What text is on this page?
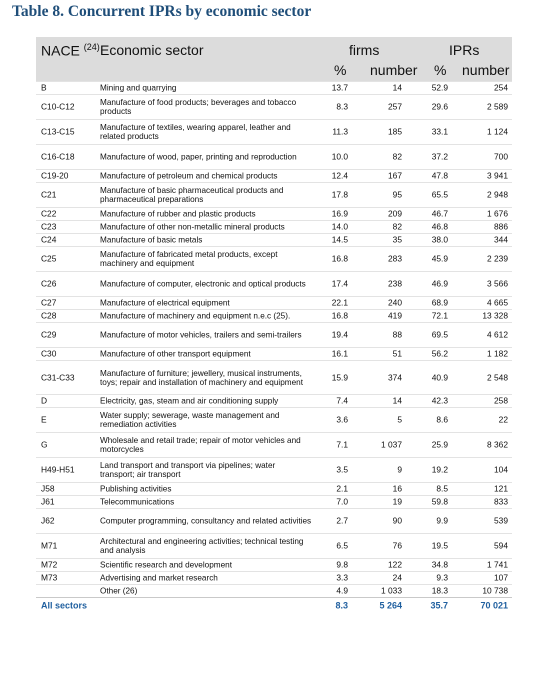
Table 8. Concurrent IPRs by economic sector
NACE $^{(24)}$ Economic sector	firms	IPRs
% number % number
B	Mining and quarrying	13.7	14	52.9	254
C10-C12	Manufacture of food products; beverages and tobacco products	8.3	257	29.6	2 589
C13-C15	Manufacture of textiles, wearing apparel, leather and related products	11.3	185	33.1	1 124
C16-C18	Manufacture of wood, paper, printing and reproduction	10.0	82	37.2	700
C19-20	Manufacture of petroleum and chemical products	12.4	167	47.8	3 941
C21	Manufacture of basic pharmaceutical products and pharmaceutical preparations	17.8	95	65.5	2 948
C22	Manufacture of rubber and plastic products	16.9	209	46.7	1 676
C23	Manufacture of other non-metallic mineral products	14.0	82	46.8	886
C24	Manufacture of basic metals	14.5	35	38.0	344
C25	Manufacture of fabricated metal products, except machinery and equipment	16.8	283	45.9	2 239
C26	Manufacture of computer, electronic and optical products	17.4	238	46.9	3 566
C27	Manufacture of electrical equipment	22.1	240	68.9	4 665
C28	Manufacture of machinery and equipment n.e.c (25).	16.8	419	72.1	13 328
C29	Manufacture of motor vehicles, trailers and semi-trailers	19.4	88	69.5	4 612
C30	Manufacture of other transport equipment	16.1	51	56.2	1 182
C31-C33	Manufacture of furniture; jewellery, musical instruments, toys; repair and installation of machinery and equipment	15.9	374	40.9	2 548
D	Electricity, gas, steam and air conditioning supply	7.4	14	42.3	258
E	Water supply; sewerage, waste management and remediation activities	3.6	5	8.6	22
G	Wholesale and retail trade; repair of motor vehicles and motorcycles	7.1	1 037	25.9	8 362
H49-H51	Land transport and transport via pipelines; water transport; air transport	3.5	9	19.2	104
J58	Publishing activities	2.1	16	8.5	121
J61	Telecommunications	7.0	19	59.8	833
J62	Computer programming, consultancy and related activities	2.7	90	9.9	539
M71	Architectural and engineering activities; technical testing and analysis	6.5	76	19.5	594
M72	Scientific research and development	9.8	122	34.8	1 741
M73	Advertising and market research	3.3	24	9.3	107
Other (26)	4.9	1 033	18.3	10 738
All sectors	8.3	5 264	35.7	70 021
